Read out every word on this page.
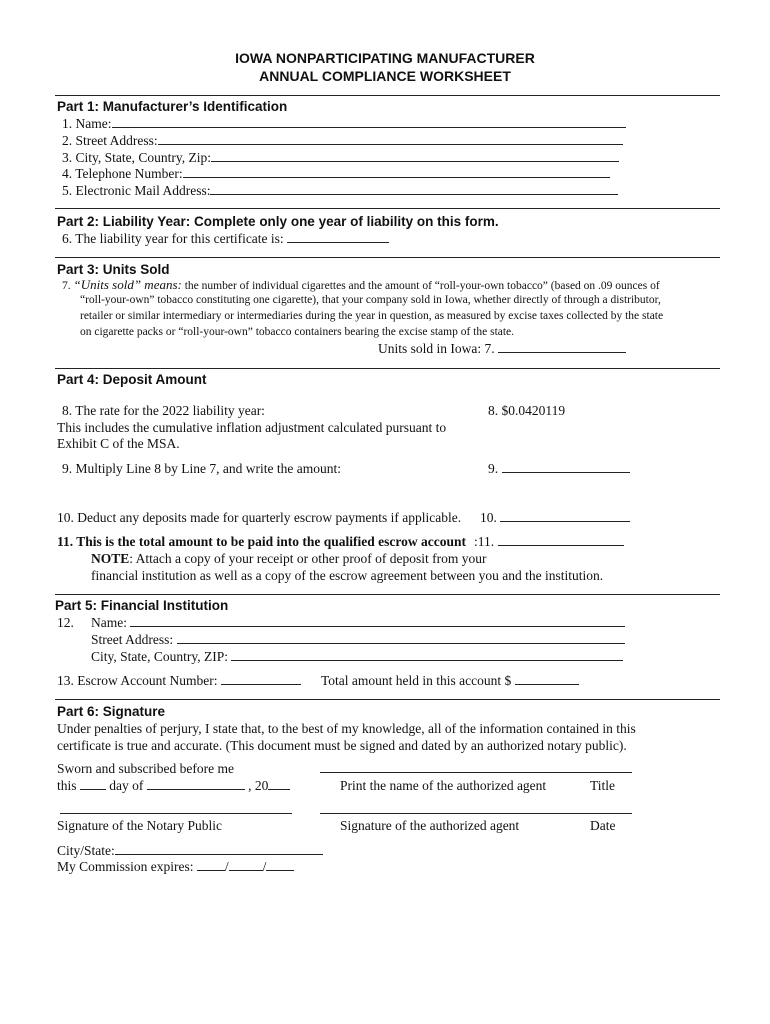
IOWA NONPARTICIPATING MANUFACTURER
ANNUAL COMPLIANCE WORKSHEET
Part 1: Manufacturer’s Identification
1. Name:
2. Street Address:
3. City, State, Country, Zip:
4. Telephone Number:
5. Electronic Mail Address:
Part 2: Liability Year: Complete only one year of liability on this form.
6. The liability year for this certificate is:
Part 3: Units Sold
7. “Units sold” means: the number of individual cigarettes and the amount of “roll-your-own tobacco” (based on .09 ounces of
“roll-your-own” tobacco constituting one cigarette), that your company sold in Iowa, whether directly of through a distributor,
retailer or similar intermediary or intermediaries during the year in question, as measured by excise taxes collected by the state
on cigarette packs or “roll-your-own” tobacco containers bearing the excise stamp of the state.
Units sold in Iowa: 7.
Part 4: Deposit Amount
8. The rate for the 2022 liability year:	8. $0.0420119
This includes the cumulative inflation adjustment calculated pursuant to
Exhibit C of the MSA.
9. Multiply Line 8 by Line 7, and write the amount:	9.
10. Deduct any deposits made for quarterly escrow payments if applicable. 10.
11. This is the total amount to be paid into the qualified escrow account :11.
NOTE: Attach a copy of your receipt or other proof of deposit from your
financial institution as well as a copy of the escrow agreement between you and the institution.
Part 5: Financial Institution
12. Name:
Street Address:
City, State, Country, ZIP:
13. Escrow Account Number:	Total amount held in this account $
Part 6: Signature
Under penalties of perjury, I state that, to the best of my knowledge, all of the information contained in this
certificate is true and accurate. (This document must be signed and dated by an authorized notary public).
Sworn and subscribed before me
this day of	, 20	Print the name of the authorized agent	Title
Signature of the Notary Public	Signature of the authorized agent	Date
City/State:
My Commission expires: /	/
